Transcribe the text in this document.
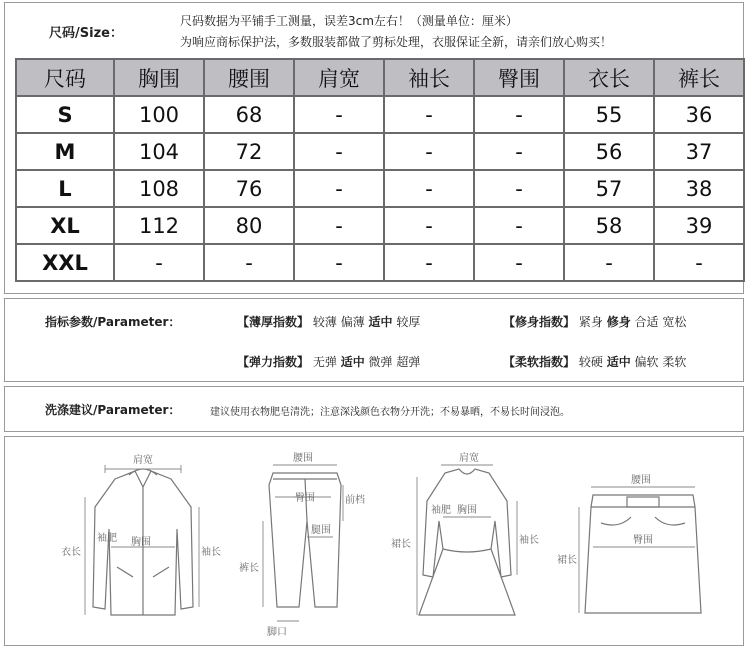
尺码/Size：
尺码数据为平铺手工测量，误差3cm左右！（测量单位：厘米）
为响应商标保护法，多数服装都做了剪标处理，衣服保证全新，请亲们放心购买！
尺码	胸围	腰围	肩宽	袖长	臀围	衣长	裤长
S	100	68	-	-	-	55	36
M	104	72	-	-	-	56	37
L	108	76	-	-	-	57	38
XL	112	80	-	-	-	58	39
XXL	-	-	-	-	-	-	-
指标参数/Parameter：	【薄厚指数】 较薄 偏薄 适中 较厚	【修身指数】 紧身 修身 合适 宽松
【弹力指数】 无弹 适中 微弹 超弹	【柔软指数】 较硬 适中 偏软 柔软
洗涤建议/Parameter：	建议使用衣物肥皂清洗；注意深浅颜色衣物分开洗；不易暴晒，不易长时间浸泡。
肩宽
胸围
袖肥
衣长	袖长
腰围
臀围	前档
腿围
裤长
脚口
肩宽
胸围
袖肥
裙长	袖长
腰围
臀围
裙长
